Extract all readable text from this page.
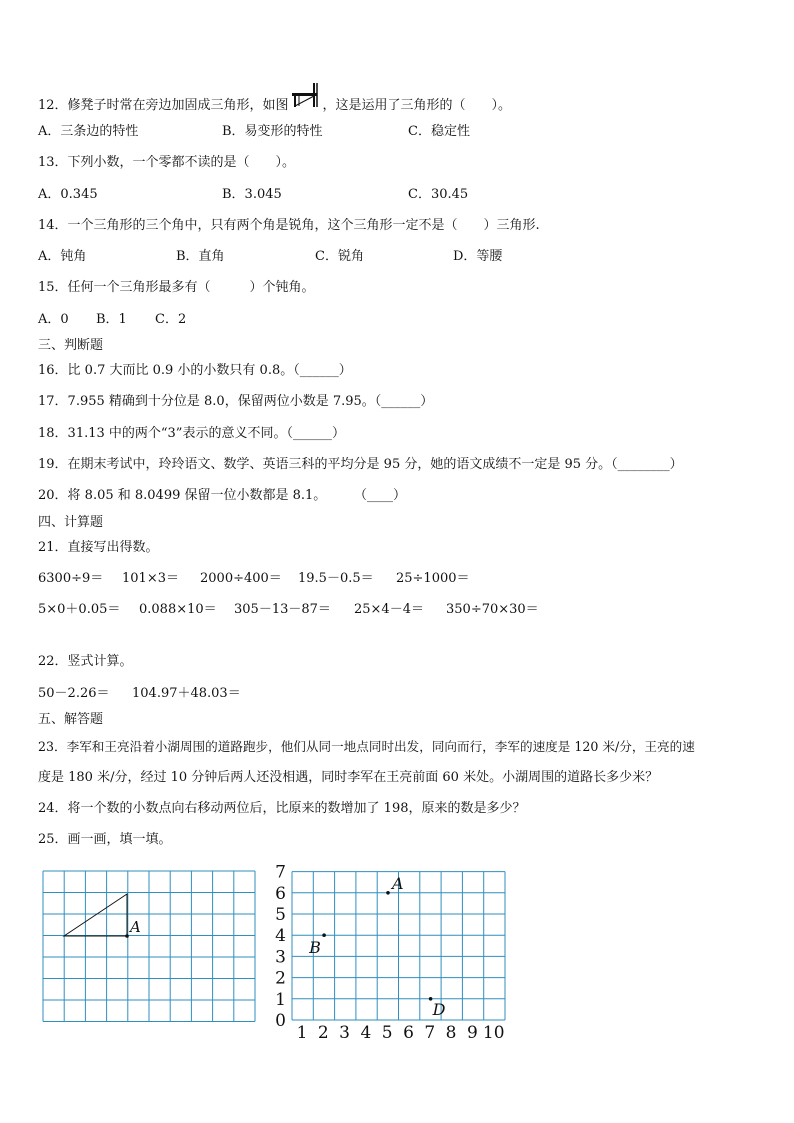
12．修凳子时常在旁边加固成三角形，如图	，这是运用了三角形的（　　）。
A．三条边的特性	B．易变形的特性	C．稳定性
13．下列小数，一个零都不读的是（　　）。
A．0.345	B．3.045	C．30.45
14．一个三角形的三个角中，只有两个角是锐角，这个三角形一定不是（　　）三角形.
A．钝角	B．直角	C．锐角	D．等腰
15．任何一个三角形最多有（　　　）个钝角。
A．0 B．1 C．2
三、判断题
16．比 0.7 大而比 0.9 小的小数只有 0.8。（______）
17．7.955 精确到十分位是 8.0，保留两位小数是 7.95。（______）
18．31.13 中的两个“3”表示的意义不同。（______）
19．在期末考试中，玲玲语文、数学、英语三科的平均分是 95 分，她的语文成绩不一定是 95 分。（________）
20．将 8.05 和 8.0499 保留一位小数都是 8.1。 （____）
四、计算题
21．直接写出得数。
6300÷9＝ 101×3＝ 2000÷400＝ 19.5－0.5＝ 25÷1000＝
5×0＋0.05＝ 0.088×10＝ 305－13－87＝ 25×4－4＝ 350÷70×30＝
22．竖式计算。
50－2.26＝ 104.97＋48.03＝
五、解答题
23．李军和王亮沿着小湖周围的道路跑步，他们从同一地点同时出发，同向而行，李军的速度是 120 米/分，王亮的速
度是 180 米/分，经过 10 分钟后两人还没相遇，同时李军在王亮前面 60 米处。小湖周围的道路长多少米？
24．将一个数的小数点向右移动两位后，比原来的数增加了 198，原来的数是多少？
25．画一画，填一填。
A
0
1
2
3
4
5
6
7
1 2 3 4 5 6 7 8 9 10
A
B
D
